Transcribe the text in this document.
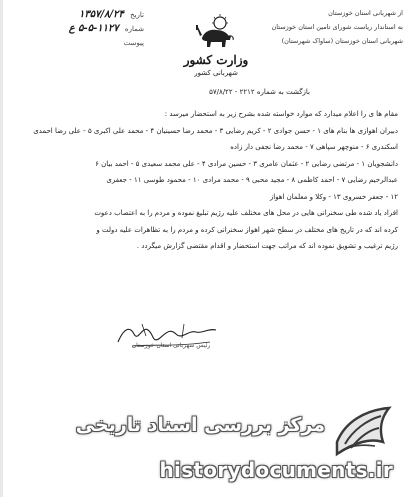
تاریخ ۱۳۵۷/۸/۲۴
شماره ۱۱۲۷-۵-۵ ع
پیوست
وزارت کشور
شهربانی کشور
از شهربانی استان خوزستان
به استاندار ریاست شورای تامین استان خوزستان
شهربانی استان خوزستان (ساواک شهرستان)
بازگشت به شماره ۲۲۱۲ - ۵۷/۸/۲۲
مقام ها ی را اعلام میدارد که موارد خواسته شده بشرح زیر به استحضار میرسد :
دبیران اهوازی ها بنام های ۱ - حسن جوادی ۲ - کریم رضایی ۳ - محمد رضا حسینیان ۴ - محمد علی اکبری ۵ - علی رضا احمدی
اسکندری ۶ - منوچهر سپاهی ۷ - محمد رضا نجفی دار زاده
دانشجویان ۱ - مرتضی رضایی ۲ - عثمان عامری ۳ - حسین مرادی ۴ - علی محمد سعیدی ۵ - احمد بیان ۶
عبدالرحیم رضایی ۷ - احمد کاظمی ۸ - مجید محبی ۹ - محمد مرادی ۱۰ - محمود طوسی ۱۱ - جعفری
۱۲ - جعفر خسروی ۱۳ - وکلا و معلمان اهواز
افراد یاد شده طی سخنرانی هایی در محل های مختلف علیه رژیم تبلیغ نموده و مردم را به اعتصاب دعوت
کرده اند که در تاریخ های مختلف در سطح شهر اهواز سخنرانی کرده و مردم را به تظاهرات علیه دولت و
رژیم ترغیب و تشویق نموده اند که مراتب جهت استحضار و اقدام مقتضی گزارش میگردد .
رئیس شهربانی استان خوزستان
مرکز بررسی اسناد تاریخی
historydocuments.ir
